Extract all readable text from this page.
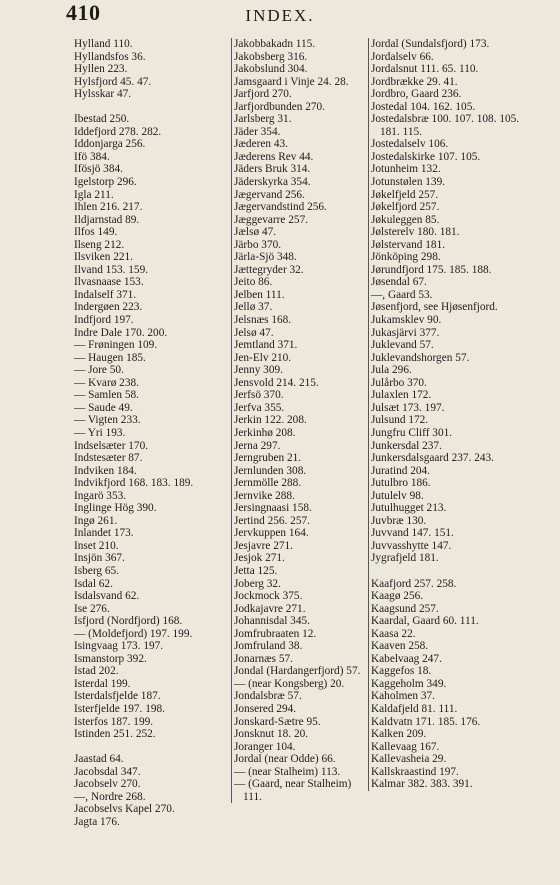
410	INDEX.
Hylland 110.
Hyllandsfos 36.
Hyllen 223.
Hylsfjord 45. 47.
Hylsskar 47.
Ibestad 250.
Iddefjord 278. 282.
Iddonjarga 256.
Ifö 384.
Ifösjö 384.
Igelstorp 296.
Igla 211.
Ihlen 216. 217.
Ildjarnstad 89.
Ilfos 149.
Ilseng 212.
Ilsviken 221.
Ilvand 153. 159.
Ilvasnaase 153.
Indalself 371.
Indergøen 223.
Indfjord 197.
Indre Dale 170. 200.
— Frøningen 109.
— Haugen 185.
— Jore 50.
— Kvarø 238.
— Samlen 58.
— Saude 49.
— Vigten 233.
— Yri 193.
Indselsæter 170.
Indstesæter 87.
Indviken 184.
Indvikfjord 168. 183. 189.
Ingarö 353.
Inglinge Hög 390.
Ingø 261.
Inlandet 173.
Inset 210.
Insjön 367.
Isberg 65.
Isdal 62.
Isdalsvand 62.
Ise 276.
Isfjord (Nordfjord) 168.
— (Moldefjord) 197. 199.
Isingvaag 173. 197.
Ismanstorp 392.
Istad 202.
Isterdal 199.
Isterdalsfjelde 187.
Isterfjelde 197. 198.
Isterfos 187. 199.
Istinden 251. 252.
Jaastad 64.
Jacobsdal 347.
Jacobselv 270.
—, Nordre 268.
Jacobselvs Kapel 270.
Jagta 176.
Jakobbakadn 115.
Jakobsberg 316.
Jakobslund 304.
Jamsgaard i Vinje 24. 28.
Jarfjord 270.
Jarfjordbunden 270.
Jarlsberg 31.
Jäder 354.
Jæderen 43.
Jæderens Rev 44.
Jäders Bruk 314.
Jäderskyrka 354.
Jægervand 256.
Jægervandstind 256.
Jæggevarre 257.
Jælsø 47.
Järbo 370.
Järla-Sjö 348.
Jættegryder 32.
Jeito 86.
Jelben 111.
Jellø 37.
Jelsnæs 168.
Jelsø 47.
Jemtland 371.
Jen-Elv 210.
Jenny 309.
Jensvold 214. 215.
Jerfsö 370.
Jerfva 355.
Jerkin 122. 208.
Jerkinhø 208.
Jerna 297.
Jerngruben 21.
Jernlunden 308.
Jernmölle 288.
Jernvike 288.
Jersingnaasi 158.
Jertind 256. 257.
Jervkuppen 164.
Jesjavre 271.
Jesjok 271.
Jetta 125.
Joberg 32.
Jockmock 375.
Jodkajavre 271.
Johannisdal 345.
Jomfrubraaten 12.
Jomfruland 38.
Jonarnæs 57.
Jondal (Hardangerfjord) 57.
— (near Kongsberg) 20.
Jondalsbræ 57.
Jonsered 294.
Jonskard-Sætre 95.
Jonsknut 18. 20.
Joranger 104.
Jordal (near Odde) 66.
— (near Stalheim) 113.
— (Gaard, near Stalheim) 111.
Jordal (Sundalsfjord) 173.
Jordalselv 66.
Jordalsnut 111. 65. 110.
Jordbrække 29. 41.
Jordbro, Gaard 236.
Jostedal 104. 162. 105.
Jostedalsbræ 100. 107. 108. 105. 181. 115.
Jostedalselv 106.
Jostedalskirke 107. 105.
Jotunheim 132.
Jotunstølen 139.
Jøkelfjeld 257.
Jøkelfjord 257.
Jøkuleggen 85.
Jølsterelv 180. 181.
Jølstervand 181.
Jönköping 298.
Jørundfjord 175. 185. 188.
Jøsendal 67.
—, Gaard 53.
Jøsenfjord, see Hjøsenfjord.
Jukamsklev 90.
Jukasjärvi 377.
Juklevand 57.
Juklevandshorgen 57.
Jula 296.
Julårbo 370.
Julaxlen 172.
Julsæt 173. 197.
Julsund 172.
Jungfru Cliff 301.
Junkersdal 237.
Junkersdalsgaard 237. 243.
Juratind 204.
Jutulbro 186.
Jutulelv 98.
Jutulhugget 213.
Juvbræ 130.
Juvvand 147. 151.
Juvvasshytte 147.
Jygrafjeld 181.
Kaafjord 257. 258.
Kaagø 256.
Kaagsund 257.
Kaardal, Gaard 60. 111.
Kaasa 22.
Kaaven 258.
Kabelvaag 247.
Kaggefos 18.
Kaggeholm 349.
Kaholmen 37.
Kaldafjeld 81. 111.
Kaldvatn 171. 185. 176.
Kalken 209.
Kallevaag 167.
Kallevasheia 29.
Kallskraastind 197.
Kalmar 382. 383. 391.
